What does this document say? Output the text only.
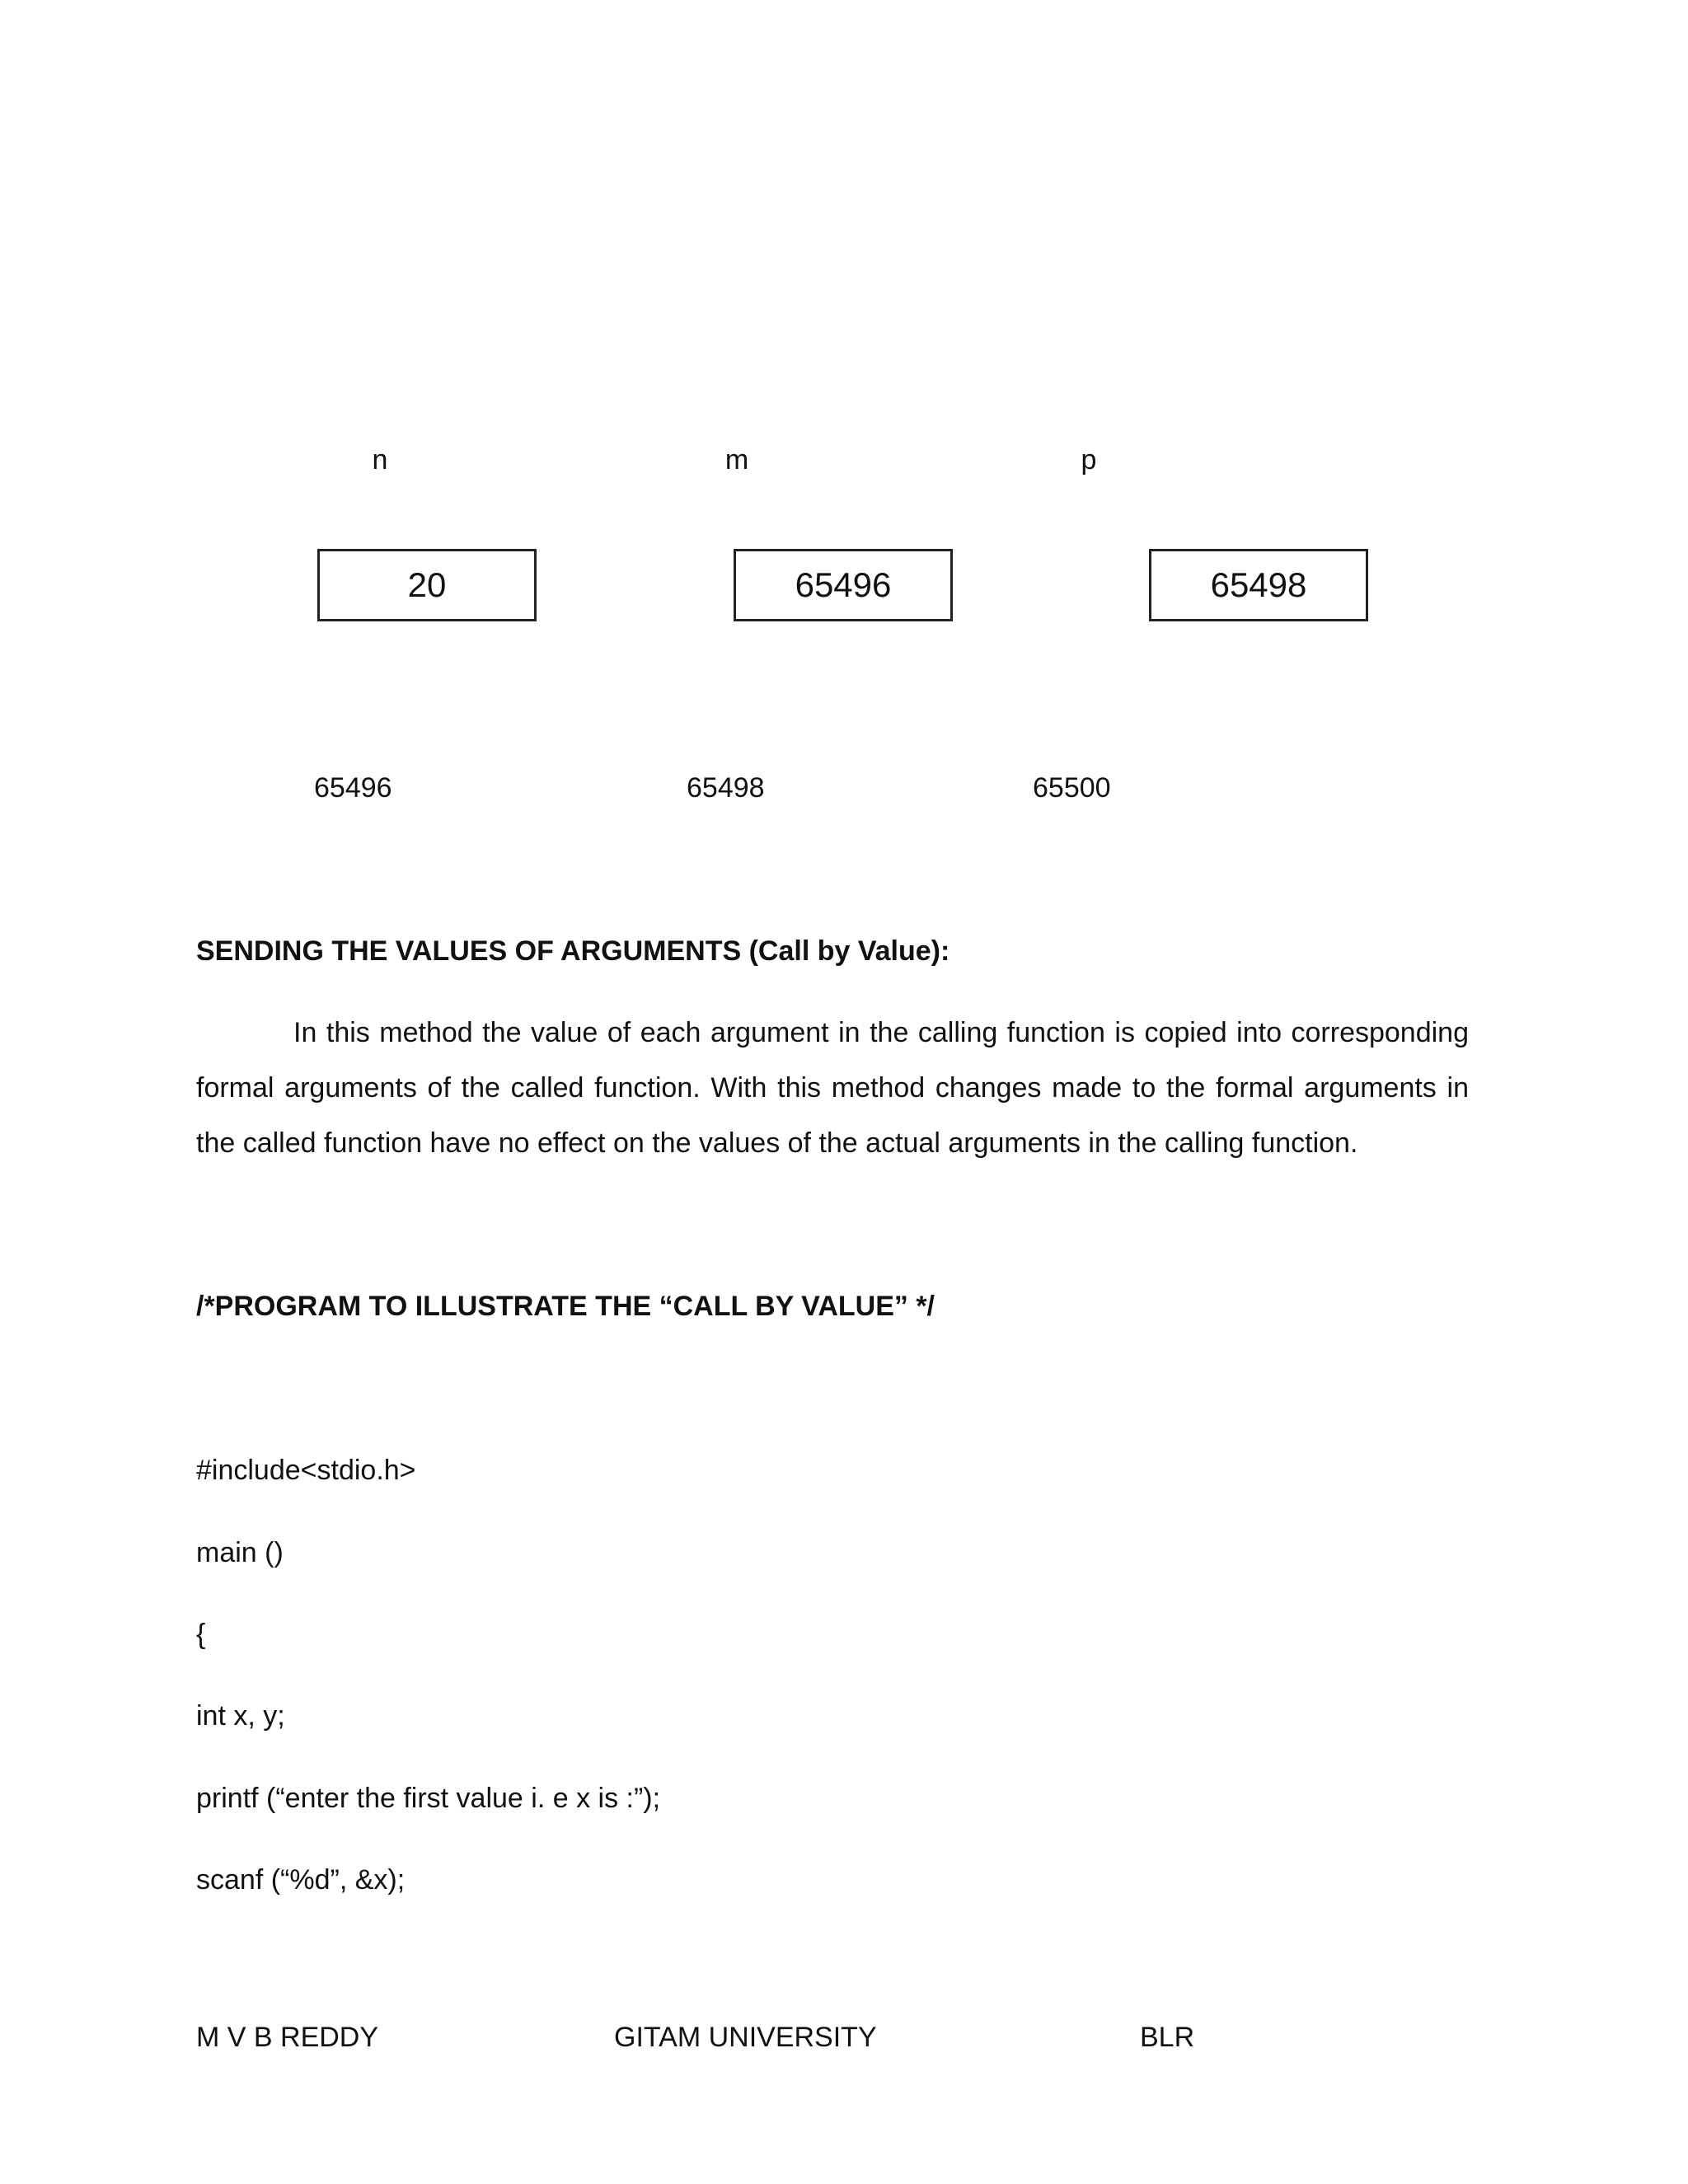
n	m	p
20	65496	65498
65496	65498	65500
SENDING THE VALUES OF ARGUMENTS (Call by Value):
In this method the value of each argument in the calling function is copied into corresponding formal arguments of the called function. With this method changes made to the formal arguments in the called function have no effect on the values of the actual arguments in the calling function.
/*PROGRAM TO ILLUSTRATE THE “CALL BY VALUE” */
#include<stdio.h>
main ()
{
int x, y;
printf (“enter the first value i. e x is :”);
scanf (“%d”, &x);
M V B REDDY	GITAM UNIVERSITY	BLR
